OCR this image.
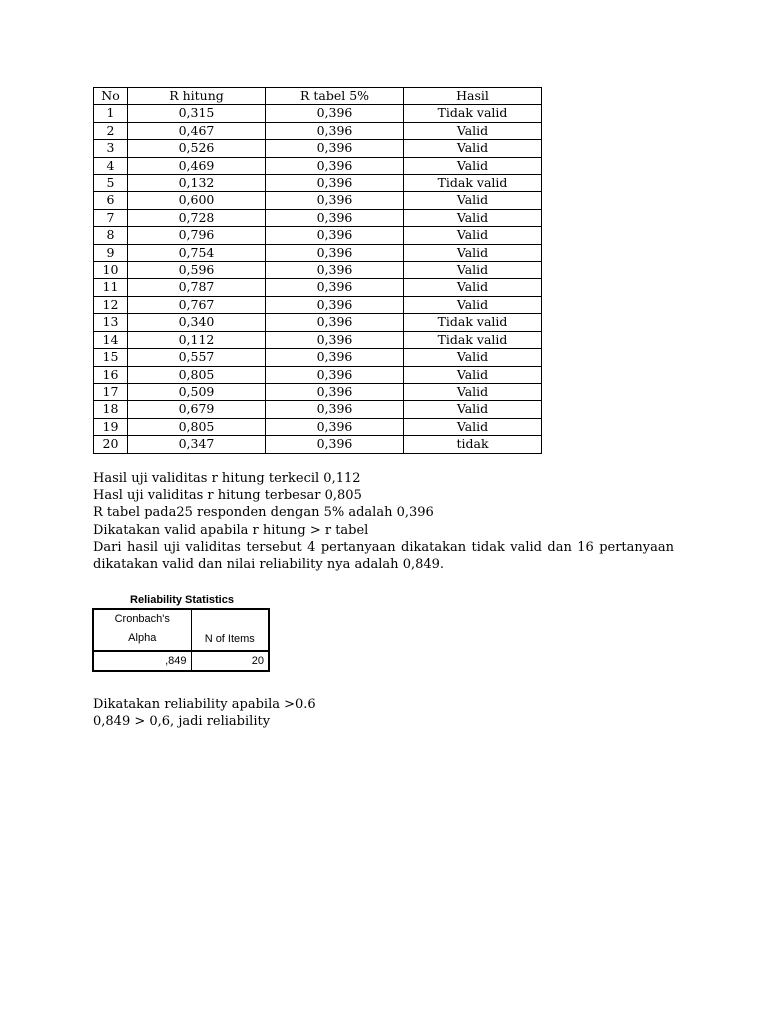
No	R hitung	R tabel 5%	Hasil
1	0,315	0,396	Tidak valid
2	0,467	0,396	Valid
3	0,526	0,396	Valid
4	0,469	0,396	Valid
5	0,132	0,396	Tidak valid
6	0,600	0,396	Valid
7	0,728	0,396	Valid
8	0,796	0,396	Valid
9	0,754	0,396	Valid
10	0,596	0,396	Valid
11	0,787	0,396	Valid
12	0,767	0,396	Valid
13	0,340	0,396	Tidak valid
14	0,112	0,396	Tidak valid
15	0,557	0,396	Valid
16	0,805	0,396	Valid
17	0,509	0,396	Valid
18	0,679	0,396	Valid
19	0,805	0,396	Valid
20	0,347	0,396	tidak

Hasil uji validitas r hitung terkecil 0,112

Hasl uji validitas r hitung terbesar 0,805

R tabel pada25 responden dengan 5% adalah 0,396

Dikatakan valid apabila r hitung > r tabel

Dari hasil uji validitas tersebut 4 pertanyaan dikatakan tidak valid dan 16 pertanyaan dikatakan valid dan nilai reliability nya adalah 0,849.

Reliability Statistics
Cronbach's
Alpha	N of Items

,849	20

Dikatakan reliability apabila >0.6

0,849 > 0,6, jadi reliability
